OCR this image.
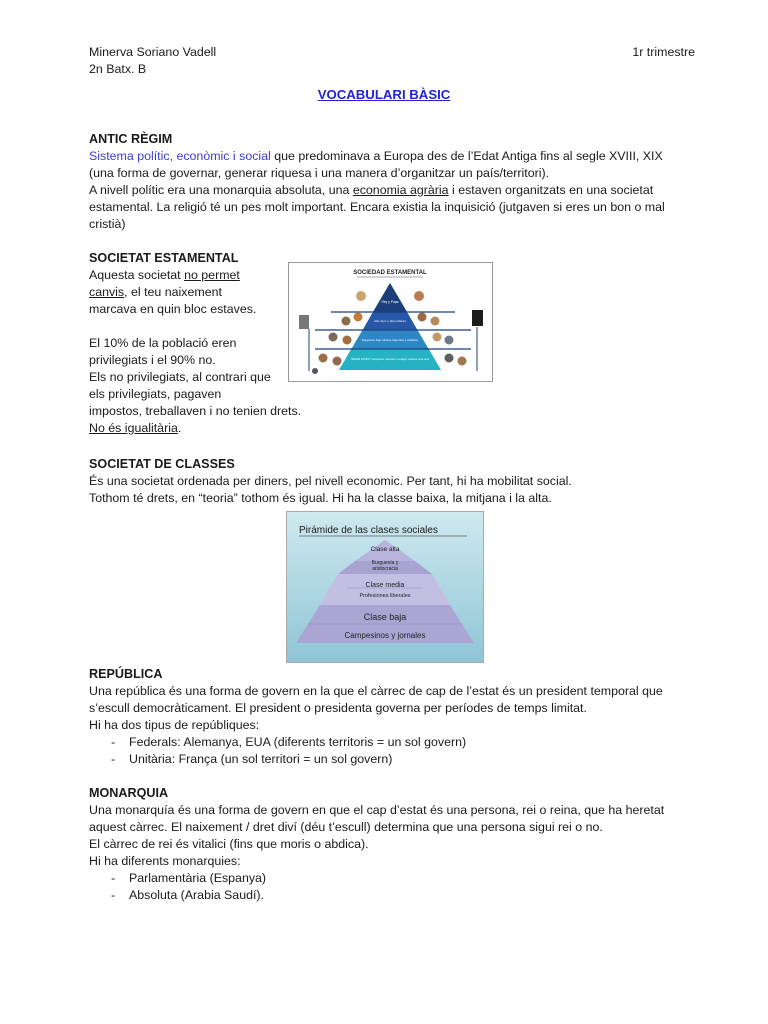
Minerva Soriano Vadell	1r trimestre
2n Batx. B
VOCABULARI BÀSIC
ANTIC RÈGIM

Sistema polític, econòmic i social que predominava a Europa des de l’Edat Antiga fins al segle XVIII, XIX

(una forma de governar, generar riquesa i una manera d’organitzar un país/territori).

A nivell polític era una monarquia absoluta, una economia agrària i estaven organitzats en una societat

estamental. La religió té un pes molt important. Encara existia la inquisició (jutgaven si eres un bon o mal

cristià)

SOCIETAT ESTAMENTAL

Aquesta societat no permet

canvis, el teu naixement

marcava en quin bloc estaves.

El 10% de la població eren

privilegiats i el 90% no.

Els no privilegiats, al contrari que

els privilegiats, pagaven

impostos, treballaven i no tenien drets.

No és igualitària.

SOCIEDAD ESTAMENTAL
Rey y Papa
Alto clero y alta nobleza
Burguesía, bajo nobleza, bajo clero y soldados
TERCER ESTADO: Campesinos, artesanos, mendigos, esclavos, entre otros
SOCIETAT DE CLASSES

És una societat ordenada per diners, pel nivell economic. Per tant, hi ha mobilitat social.

Tothom té drets, en “teoria” tothom és igual. Hi ha la classe baixa, la mitjana i la alta.

Pirámide de las clases sociales
Clase alta
Burguesía y
aristocracia
Clase media
Profesiones liberales
Clase baja
Campesinos y jornales
REPÚBLICA

Una república és una forma de govern en la que el càrrec de cap de l’estat és un president temporal que

s’escull democràticament. El president o presidenta governa per períodes de temps limitat.

Hi ha dos tipus de repúbliques:

- Federals: Alemanya, EUA (diferents territoris = un sol govern)
- Unitària: França (un sol territori = un sol govern)
MONARQUIA

Una monarquía és una forma de govern en que el cap d’estat és una persona, rei o reina, que ha heretat

aquest càrrec. El naixement / dret diví (déu t’escull) determina que una persona sigui rei o no.

El càrrec de rei és vitalici (fins que moris o abdica).

Hi ha diferents monarquies:

- Parlamentària (Espanya)
- Absoluta (Arabia Saudí).
